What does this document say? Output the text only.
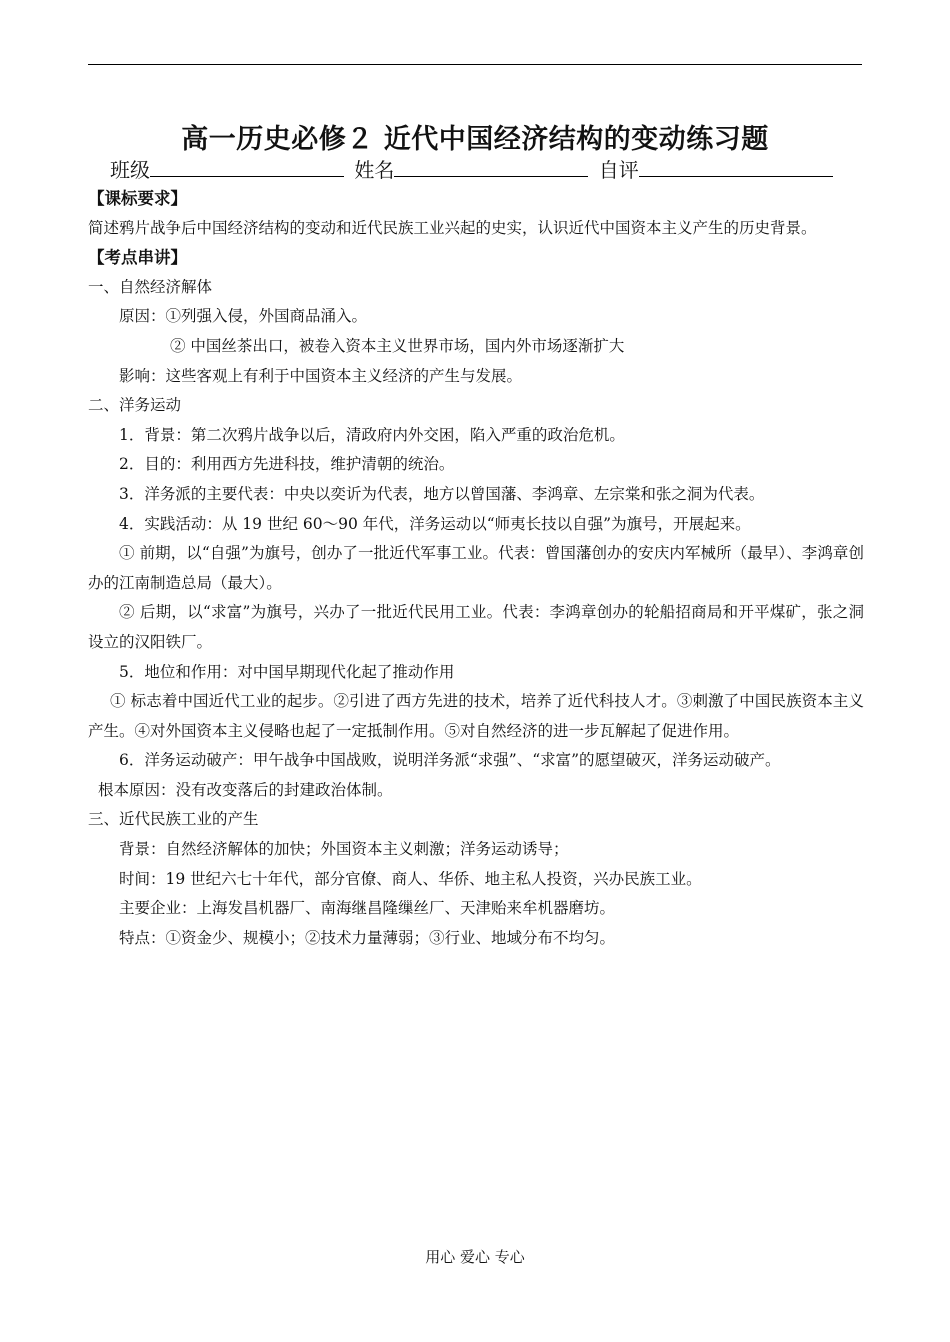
高一历史必修２ 近代中国经济结构的变动练习题
班级	姓名	自评
【课标要求】
简述鸦片战争后中国经济结构的变动和近代民族工业兴起的史实，认识近代中国资本主义产生的历史背景。
【考点串讲】
一、自然经济解体
原因：①列强入侵，外国商品涌入。
② 中国丝茶出口，被卷入资本主义世界市场，国内外市场逐渐扩大
影响：这些客观上有利于中国资本主义经济的产生与发展。
二、洋务运动
1．背景：第二次鸦片战争以后，清政府内外交困，陷入严重的政治危机。
2．目的：利用西方先进科技，维护清朝的统治。
3．洋务派的主要代表：中央以奕䜣为代表，地方以曾国藩、李鸿章、左宗棠和张之洞为代表。
4．实践活动：从 19 世纪 60～90 年代，洋务运动以“师夷长技以自强”为旗号，开展起来。
① 前期，以“自强”为旗号，创办了一批近代军事工业。代表：曾国藩创办的安庆内军械所（最早）、李鸿章创办的江南制造总局（最大）。
② 后期，以“求富”为旗号，兴办了一批近代民用工业。代表：李鸿章创办的轮船招商局和开平煤矿，张之洞设立的汉阳铁厂。
5．地位和作用：对中国早期现代化起了推动作用
① 标志着中国近代工业的起步。②引进了西方先进的技术，培养了近代科技人才。③刺激了中国民族资本主义产生。④对外国资本主义侵略也起了一定抵制作用。⑤对自然经济的进一步瓦解起了促进作用。
6．洋务运动破产：甲午战争中国战败，说明洋务派“求强”、“求富”的愿望破灭，洋务运动破产。
根本原因：没有改变落后的封建政治体制。
三、近代民族工业的产生
背景：自然经济解体的加快；外国资本主义刺激；洋务运动诱导；
时间：19 世纪六七十年代，部分官僚、商人、华侨、地主私人投资，兴办民族工业。
主要企业：上海发昌机器厂、南海继昌隆缫丝厂、天津贻来牟机器磨坊。
特点：①资金少、规模小；②技术力量薄弱；③行业、地域分布不均匀。
用心 爱心 专心
